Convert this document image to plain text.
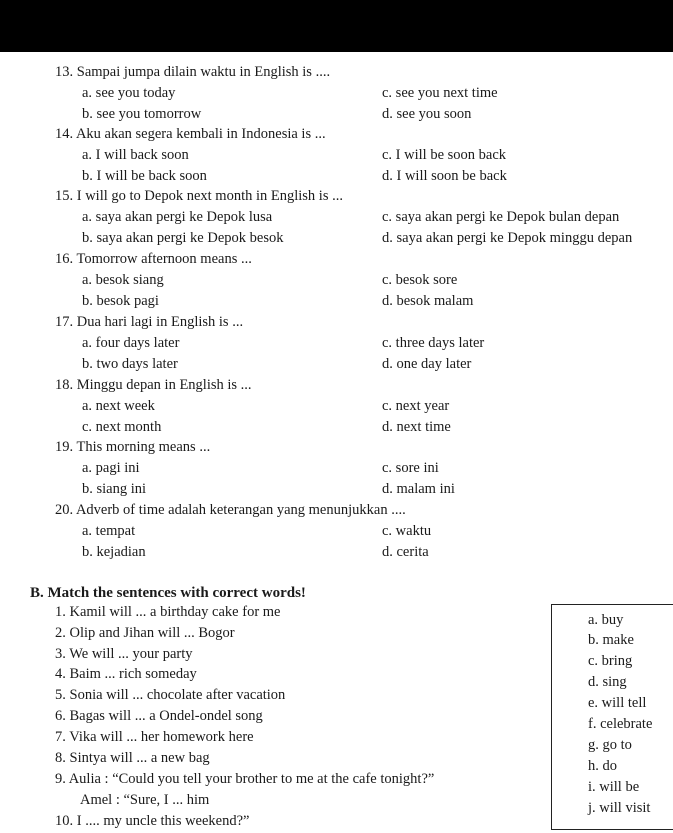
13. Sampai jumpa dilain waktu in English is ....
a. see you today	c. see you next time
b. see you tomorrow	d. see you soon
14. Aku akan segera kembali in Indonesia is ...
a. I will back soon	c. I will be soon back
b. I will be back soon	d. I will soon be back
15. I will go to Depok next month in English is ...
a. saya akan pergi ke Depok lusa	c. saya akan pergi ke Depok bulan depan
b. saya akan pergi ke Depok besok	d. saya akan pergi ke Depok minggu depan
16. Tomorrow afternoon means ...
a. besok siang	c. besok sore
b. besok pagi	d. besok malam
17. Dua hari lagi in English is ...
a. four days later	c. three days later
b. two days later	d. one day later
18. Minggu depan in English is ...
a. next week	c. next year
c. next month	d. next time
19. This morning means ...
a. pagi ini	c. sore ini
b. siang ini	d. malam ini
20. Adverb of time adalah keterangan yang menunjukkan ....
a. tempat	c. waktu
b. kejadian	d. cerita
B. Match the sentences with correct words!
1. Kamil will ... a birthday cake for me
2. Olip and Jihan will ... Bogor
3. We will ... your party
4. Baim ... rich someday
5. Sonia will ... chocolate after vacation
6. Bagas will ... a Ondel-ondel song
7. Vika will ... her homework here
8. Sintya will ... a new bag
9. Aulia : “Could you tell your brother to me at the cafe tonight?”
Amel : “Sure, I ... him
10. I .... my uncle this weekend?”
a. buy
b. make
c. bring
d. sing
e. will tell
f. celebrate
g. go to
h. do
i. will be
j. will visit
